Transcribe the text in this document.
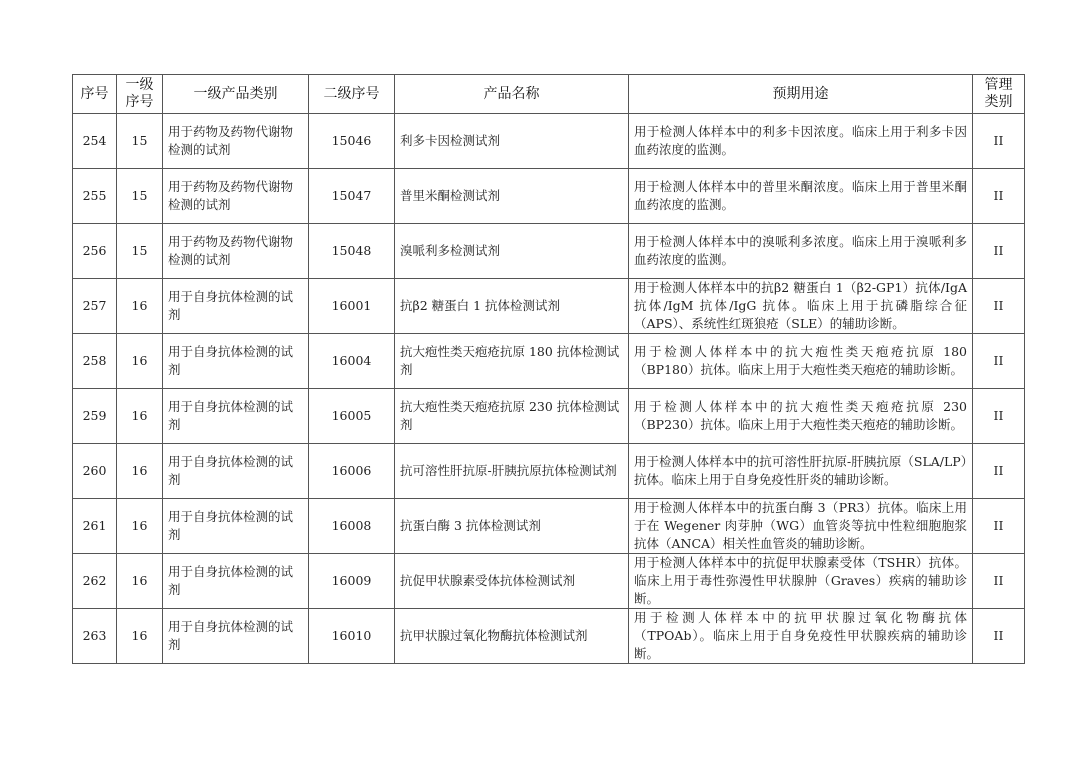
序号	一级序号	一级产品类别	二级序号	产品名称	预期用途	管理类别
254	15	用于药物及药物代谢物检测的试剂	15046	利多卡因检测试剂	用于检测人体样本中的利多卡因浓度。临床上用于利多卡因血药浓度的监测。	II
255	15	用于药物及药物代谢物检测的试剂	15047	普里米酮检测试剂	用于检测人体样本中的普里米酮浓度。临床上用于普里米酮血药浓度的监测。	II
256	15	用于药物及药物代谢物检测的试剂	15048	溴哌利多检测试剂	用于检测人体样本中的溴哌利多浓度。临床上用于溴哌利多血药浓度的监测。	II
257	16	用于自身抗体检测的试剂	16001	抗β2 糖蛋白 1 抗体检测试剂	用于检测人体样本中的抗β2 糖蛋白 1（β2-GP1）抗体/IgA 抗体/IgM 抗体/IgG 抗体。临床上用于抗磷脂综合征（APS）、系统性红斑狼疮（SLE）的辅助诊断。	II
258	16	用于自身抗体检测的试剂	16004	抗大疱性类天疱疮抗原 180 抗体检测试剂	用于检测人体样本中的抗大疱性类天疱疮抗原 180（BP180）抗体。临床上用于大疱性类天疱疮的辅助诊断。	II
259	16	用于自身抗体检测的试剂	16005	抗大疱性类天疱疮抗原 230 抗体检测试剂	用于检测人体样本中的抗大疱性类天疱疮抗原 230（BP230）抗体。临床上用于大疱性类天疱疮的辅助诊断。	II
260	16	用于自身抗体检测的试剂	16006	抗可溶性肝抗原-肝胰抗原抗体检测试剂	用于检测人体样本中的抗可溶性肝抗原-肝胰抗原（SLA/LP）抗体。临床上用于自身免疫性肝炎的辅助诊断。	II
261	16	用于自身抗体检测的试剂	16008	抗蛋白酶 3 抗体检测试剂	用于检测人体样本中的抗蛋白酶 3（PR3）抗体。临床上用于在 Wegener 肉芽肿（WG）血管炎等抗中性粒细胞胞浆抗体（ANCA）相关性血管炎的辅助诊断。	II
262	16	用于自身抗体检测的试剂	16009	抗促甲状腺素受体抗体检测试剂	用于检测人体样本中的抗促甲状腺素受体（TSHR）抗体。临床上用于毒性弥漫性甲状腺肿（Graves）疾病的辅助诊断。	II
263	16	用于自身抗体检测的试剂	16010	抗甲状腺过氧化物酶抗体检测试剂	用于检测人体样本中的抗甲状腺过氧化物酶抗体（TPOAb）。临床上用于自身免疫性甲状腺疾病的辅助诊断。	II
